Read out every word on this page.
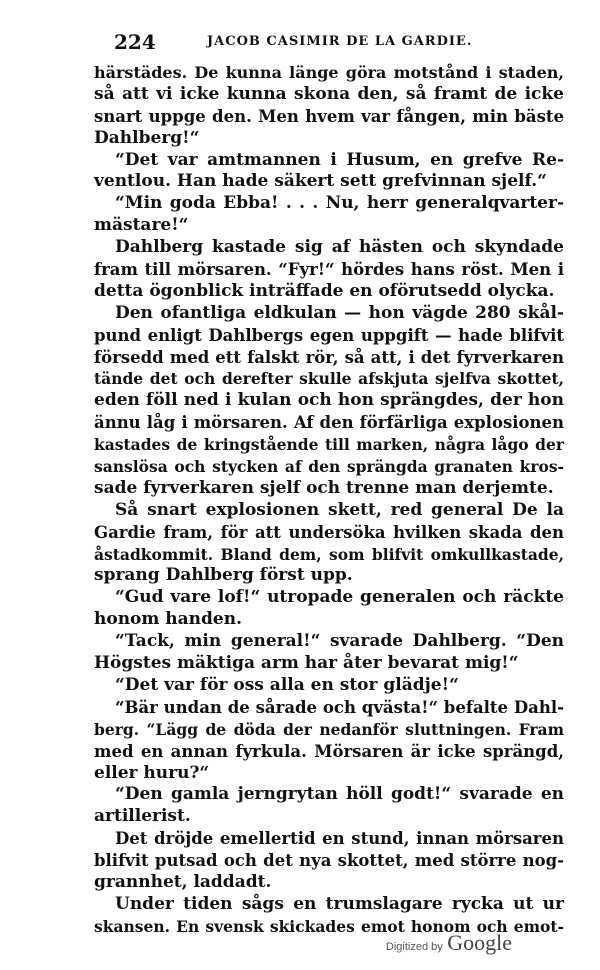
224	JACOB CASIMIR DE LA GARDIE.
härstädes. De kunna länge göra motstånd i staden,
så att vi icke kunna skona den, så framt de icke
snart uppge den. Men hvem var fången, min bäste
Dahlberg!“
“Det var amtmannen i Husum, en grefve Re-
ventlou. Han hade säkert sett grefvinnan sjelf.“
“Min goda Ebba! . . . Nu, herr generalqvarter-
mästare!“
Dahlberg kastade sig af hästen och skyndade
fram till mörsaren. “Fyr!“ hördes hans röst. Men i
detta ögonblick inträffade en oförutsedd olycka.
Den ofantliga eldkulan — hon vägde 280 skål-
pund enligt Dahlbergs egen uppgift — hade blifvit
försedd med ett falskt rör, så att, i det fyrverkaren
tände det och derefter skulle afskjuta sjelfva skottet,
eden föll ned i kulan och hon sprängdes, der hon
ännu låg i mörsaren. Af den förfärliga explosionen
kastades de kringstående till marken, några lågo der
sanslösa och stycken af den sprängda granaten kros-
sade fyrverkaren sjelf och trenne man derjemte.
Så snart explosionen skett, red general De la
Gardie fram, för att undersöka hvilken skada den
åstadkommit. Bland dem, som blifvit omkullkastade,
sprang Dahlberg först upp.
“Gud vare lof!“ utropade generalen och räckte
honom handen.
“Tack, min general!“ svarade Dahlberg. “Den
Högstes mäktiga arm har åter bevarat mig!“
“Det var för oss alla en stor glädje!“
“Bär undan de sårade och qvästa!“ befalte Dahl-
berg. “Lägg de döda der nedanför sluttningen. Fram
med en annan fyrkula. Mörsaren är icke sprängd,
eller huru?“
“Den gamla jerngrytan höll godt!“ svarade en
artillerist.
Det dröjde emellertid en stund, innan mörsaren
blifvit putsad och det nya skottet, med större nog-
grannhet, laddadt.
Under tiden sågs en trumslagare rycka ut ur
skansen. En svensk skickades emot honom och emot-
Digitized by Google
